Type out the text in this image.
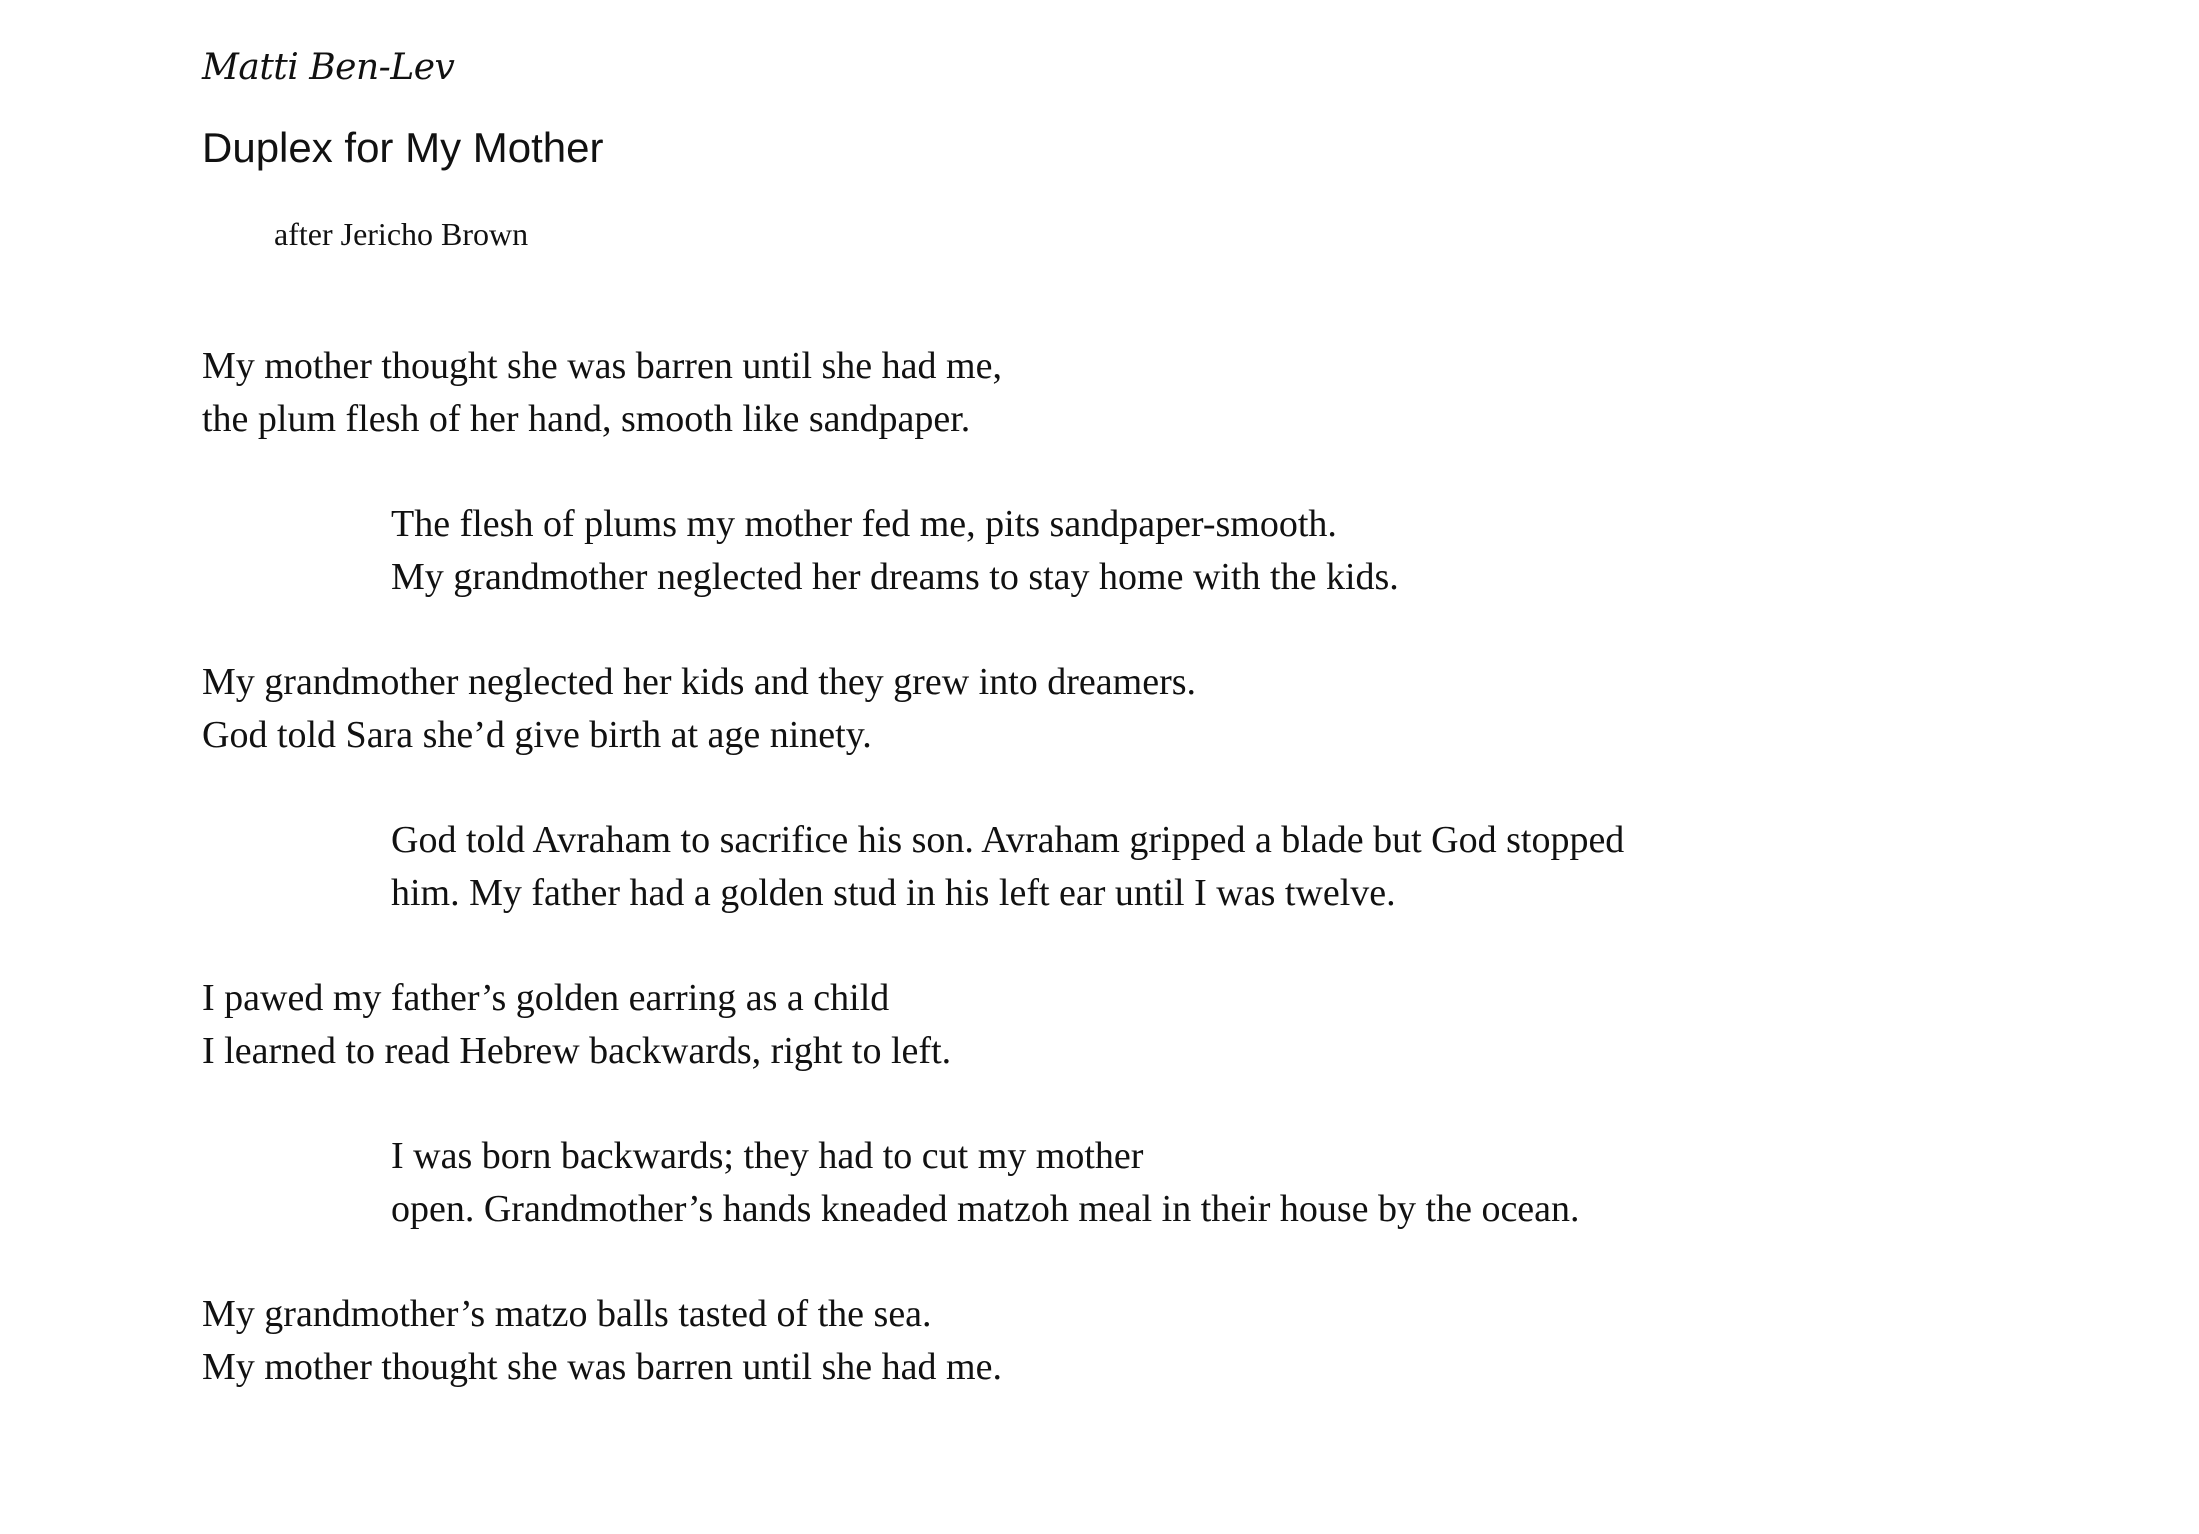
Matti Ben-Lev
Duplex for My Mother
after Jericho Brown
My mother thought she was barren until she had me,
the plum flesh of her hand, smooth like sandpaper.
The flesh of plums my mother fed me, pits sandpaper-smooth.
My grandmother neglected her dreams to stay home with the kids.
My grandmother neglected her kids and they grew into dreamers.
God told Sara she’d give birth at age ninety.
God told Avraham to sacrifice his son. Avraham gripped a blade but God stopped
him. My father had a golden stud in his left ear until I was twelve.
I pawed my father’s golden earring as a child
I learned to read Hebrew backwards, right to left.
I was born backwards; they had to cut my mother
open. Grandmother’s hands kneaded matzoh meal in their house by the ocean.
My grandmother’s matzo balls tasted of the sea.
My mother thought she was barren until she had me.
